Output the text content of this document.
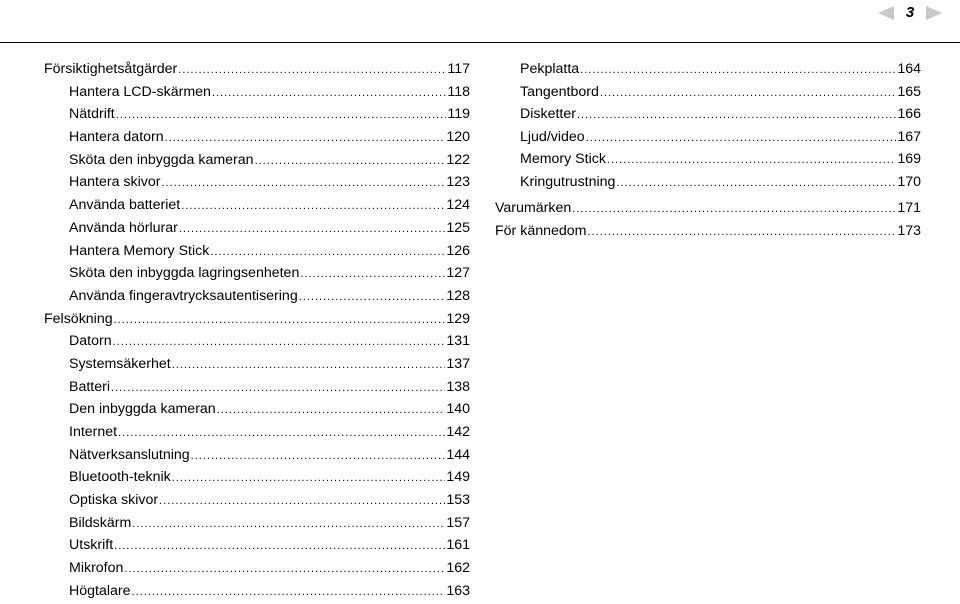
3
Försiktighetsåtgärder .....	117
Hantera LCD-skärmen .....	118
Nätdrift .....	119
Hantera datorn .....	120
Sköta den inbyggda kameran .....	122
Hantera skivor .....	123
Använda batteriet .....	124
Använda hörlurar .....	125
Hantera Memory Stick .....	126
Sköta den inbyggda lagringsenheten .....	127
Använda fingeravtrycksautentisering .....	128
Felsökning .....	129
Datorn .....	131
Systemsäkerhet .....	137
Batteri .....	138
Den inbyggda kameran .....	140
Internet .....	142
Nätverksanslutning .....	144
Bluetooth-teknik .....	149
Optiska skivor .....	153
Bildskärm .....	157
Utskrift .....	161
Mikrofon .....	162
Högtalare .....	163
Pekplatta .....	164
Tangentbord .....	165
Disketter .....	166
Ljud/video .....	167
Memory Stick .....	169
Kringutrustning .....	170
Varumärken .....	171
För kännedom .....	173
